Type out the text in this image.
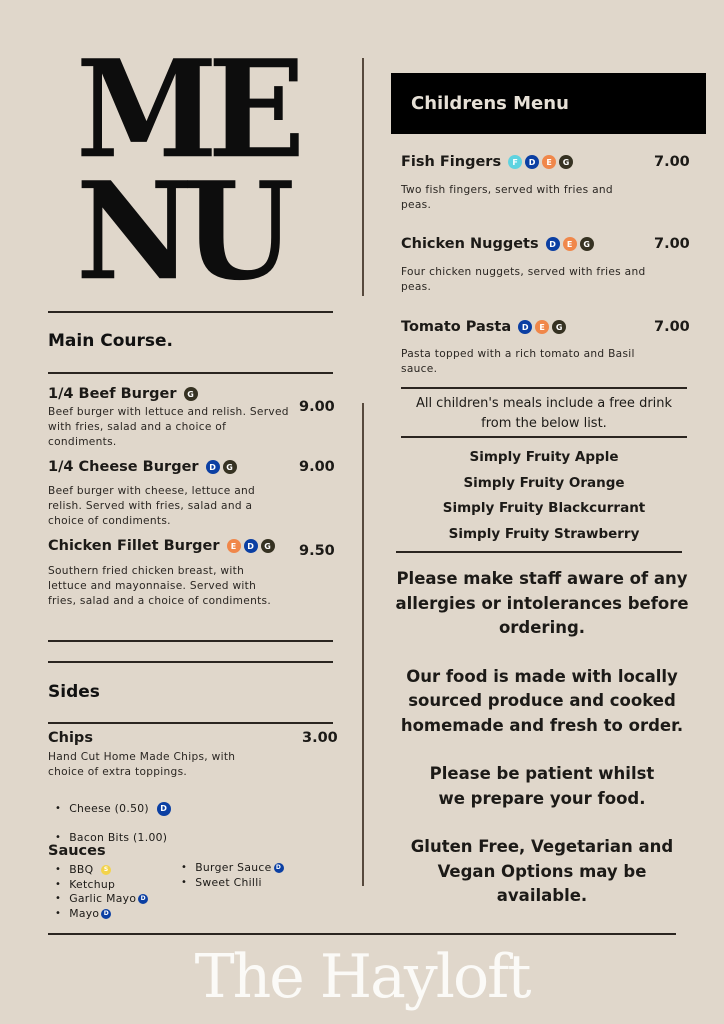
ME
NU
Main Course.
1/4 Beef Burger	G
9.00
Beef burger with lettuce and relish. Served with fries, salad and a choice of condiments.
1/4 Cheese Burger	D	G	9.00
Beef burger with cheese, lettuce and relish. Served with fries, salad and a choice of condiments.
Chicken Fillet Burger	E	D	G 9.50
Southern fried chicken breast, with lettuce and mayonnaise. Served with fries, salad and a choice of condiments.
Sides
Chips	3.00
Hand Cut Home Made Chips, with choice of extra toppings.
• Cheese (0.50)
	D
• Bacon Bits (1.00)
Sauces
• BBQ
	S
• Ketchup
• Garlic Mayo D
• Mayo D
• Burger Sauce D
• Sweet Chilli
Childrens Menu
Fish Fingers	F	D	E	G	7.00
Two fish fingers, served with fries and peas.
Chicken Nuggets	D	E	G	7.00
Four chicken nuggets, served with fries and peas.
Tomato Pasta	D	E	G	7.00
Pasta topped with a rich tomato and Basil sauce.
All children's meals include a free drink from the below list.
Simply Fruity Apple
Simply Fruity Orange
Simply Fruity Blackcurrant
Simply Fruity Strawberry
Please make staff aware of any allergies or intolerances before ordering.
Our food is made with locally sourced produce and cooked homemade and fresh to order.
Please be patient whilst we prepare your food.
Gluten Free, Vegetarian and Vegan Options may be available.
The Hayloft
